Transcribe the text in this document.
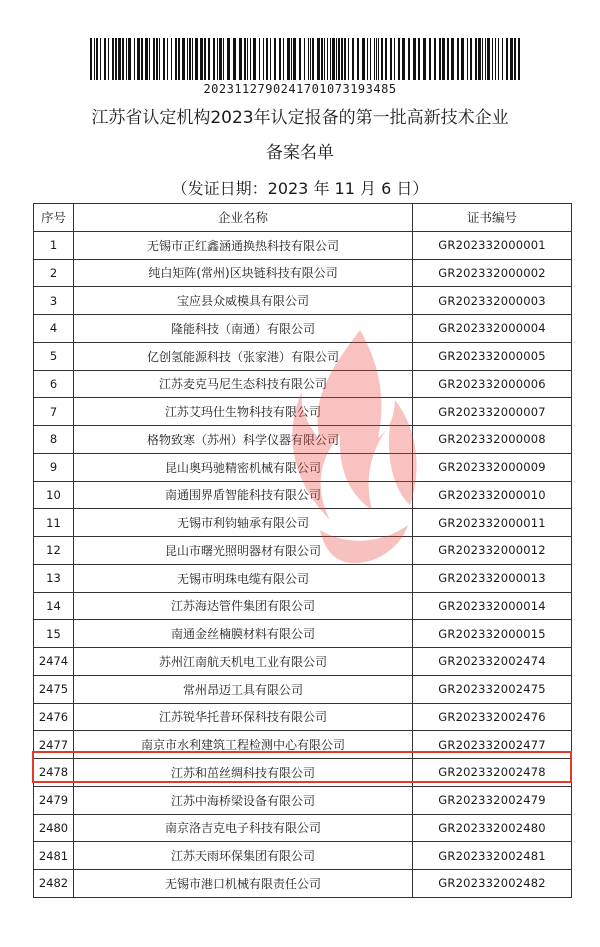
20231127902417010731934​85
江苏省认定机构2023年认定报备的第一批高新技术企业
备案名单
（发证日期：2023 年 11 月 6 日）
序号	企业名称	证书编号
1	无锡市正红鑫涵通换热科技有限公司	GR202332000001
2	纯白矩阵(常州)区块链科技有限公司	GR202332000002
3	宝应县众威模具有限公司	GR202332000003
4	隆能科技（南通）有限公司	GR202332000004
5	亿创氢能源科技（张家港）有限公司	GR202332000005
6	江苏麦克马尼生态科技有限公司	GR202332000006
7	江苏艾玛仕生物科技有限公司	GR202332000007
8	格物致寒（苏州）科学仪器有限公司	GR202332000008
9	昆山奥玛驰精密机械有限公司	GR202332000009
10	南通围界盾智能科技有限公司	GR202332000010
11	无锡市利钧轴承有限公司	GR202332000011
12	昆山市曙光照明器材有限公司	GR202332000012
13	无锡市明珠电缆有限公司	GR202332000013
14	江苏海达管件集团有限公司	GR202332000014
15	南通金丝楠膜材料有限公司	GR202332000015
2474	苏州江南航天机电工业有限公司	GR202332002474
2475	常州昂迈工具有限公司	GR202332002475
2476	江苏锐华托普环保科技有限公司	GR202332002476
2477	南京市水利建筑工程检测中心有限公司	GR202332002477
2478	江苏和茁丝绸科技有限公司	GR202332002478
2479	江苏中海桥梁设备有限公司	GR202332002479
2480	南京洛吉克电子科技有限公司	GR202332002480
2481	江苏天雨环保集团有限公司	GR202332002481
2482	无锡市港口机械有限责任公司	GR202332002482
